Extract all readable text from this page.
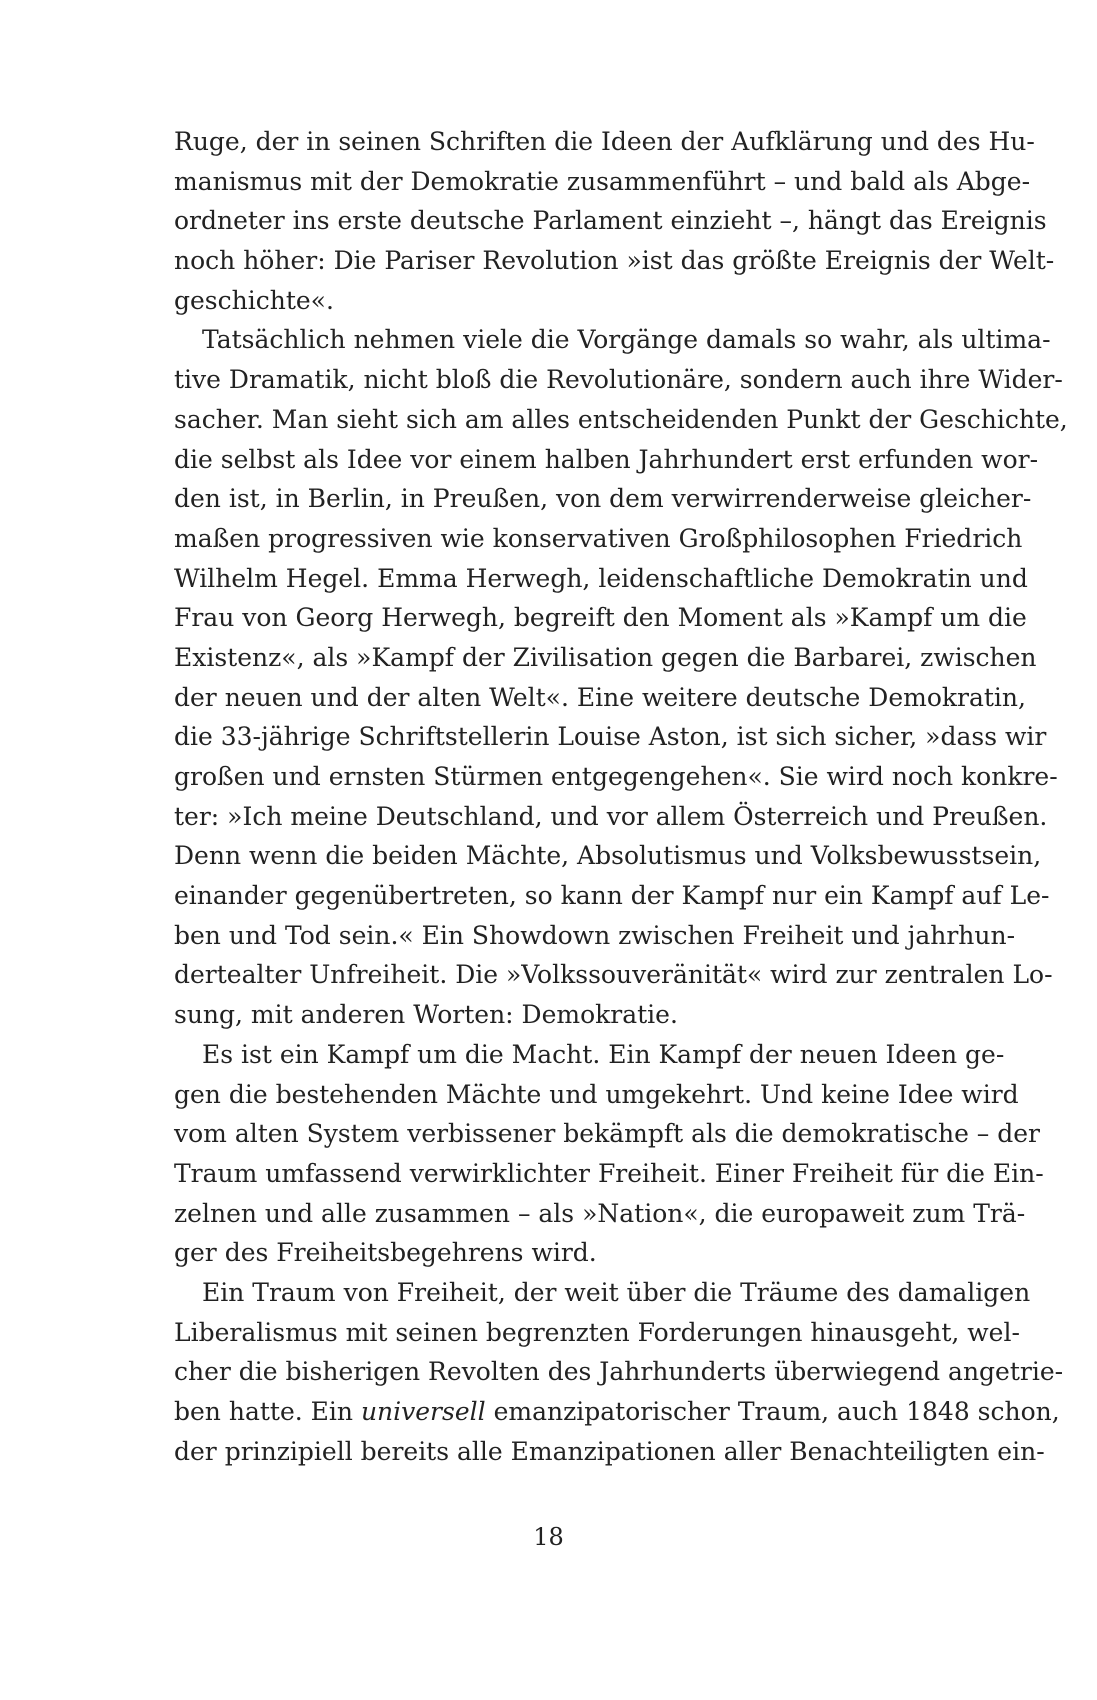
Ruge, der in seinen Schriften die Ideen der Aufklärung und des Hu-
manismus mit der Demokratie zusammenführt – und bald als Abge-
ordneter ins erste deutsche Parlament einzieht –, hängt das Ereignis
noch höher: Die Pariser Revolution »ist das größte Ereignis der Welt-
geschichte«.
Tatsächlich nehmen viele die Vorgänge damals so wahr, als ultima-
tive Dramatik, nicht bloß die Revolutionäre, sondern auch ihre Wider-
sacher. Man sieht sich am alles entscheidenden Punkt der Geschichte,
die selbst als Idee vor einem halben Jahrhundert erst erfunden wor-
den ist, in Berlin, in Preußen, von dem verwirrenderweise gleicher-
maßen progressiven wie konservativen Großphilosophen Friedrich
Wilhelm Hegel. Emma Herwegh, leidenschaftliche Demokratin und
Frau von Georg Herwegh, begreift den Moment als »Kampf um die
Existenz«, als »Kampf der Zivilisation gegen die Barbarei, zwischen
der neuen und der alten Welt«. Eine weitere deutsche Demokratin,
die 33-jährige Schriftstellerin Louise Aston, ist sich sicher, »dass wir
großen und ernsten Stürmen entgegengehen«. Sie wird noch konkre-
ter: »Ich meine Deutschland, und vor allem Österreich und Preußen.
Denn wenn die beiden Mächte, Absolutismus und Volksbewusstsein,
einander gegenübertreten, so kann der Kampf nur ein Kampf auf Le-
ben und Tod sein.« Ein Showdown zwischen Freiheit und jahrhun-
dertealter Unfreiheit. Die »Volkssouveränität« wird zur zentralen Lo-
sung, mit anderen Worten: Demokratie.
Es ist ein Kampf um die Macht. Ein Kampf der neuen Ideen ge-
gen die bestehenden Mächte und umgekehrt. Und keine Idee wird
vom alten System verbissener bekämpft als die demokratische – der
Traum umfassend verwirklichter Freiheit. Einer Freiheit für die Ein-
zelnen und alle zusammen – als »Nation«, die europaweit zum Trä-
ger des Freiheitsbegehrens wird.
Ein Traum von Freiheit, der weit über die Träume des damaligen
Liberalismus mit seinen begrenzten Forderungen hinausgeht, wel-
cher die bisherigen Revolten des Jahrhunderts überwiegend angetrie-
ben hatte. Ein universell emanzipatorischer Traum, auch 1848 schon,
der prinzipiell bereits alle Emanzipationen aller Benachteiligten ein-
18
